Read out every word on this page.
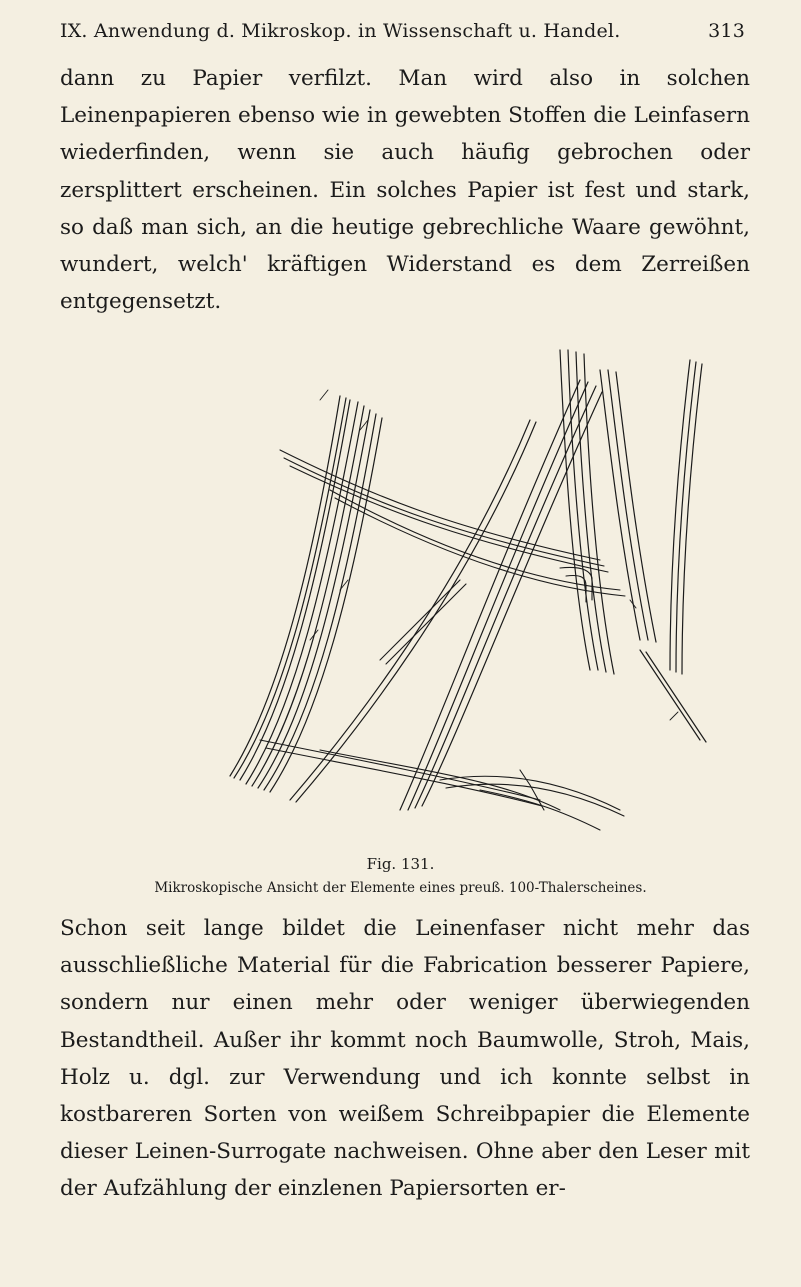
IX. Anwendung d. Mikroskop. in Wissenschaft u. Handel.	313

dann zu Papier verfilzt. Man wird also in solchen Leinenpapieren ebenso wie in gewebten Stoffen die Leinfasern wiederfinden, wenn sie auch häufig gebrochen oder zersplittert erscheinen. Ein solches Papier ist fest und stark, so daß man sich, an die heutige gebrechliche Waare gewöhnt, wundert, welch' kräftigen Widerstand es dem Zerreißen entgegensetzt.

Fig. 131.
Mikroskopische Ansicht der Elemente eines preuß. 100-Thalerscheines.

Schon seit lange bildet die Leinenfaser nicht mehr das ausschließliche Material für die Fabrication besserer Papiere, sondern nur einen mehr oder weniger überwiegenden Bestandtheil. Außer ihr kommt noch Baumwolle, Stroh, Mais, Holz u. dgl. zur Verwendung und ich konnte selbst in kostbareren Sorten von weißem Schreibpapier die Elemente dieser Leinen-Surrogate nachweisen. Ohne aber den Leser mit der Aufzählung der einzlenen Papiersorten er-
